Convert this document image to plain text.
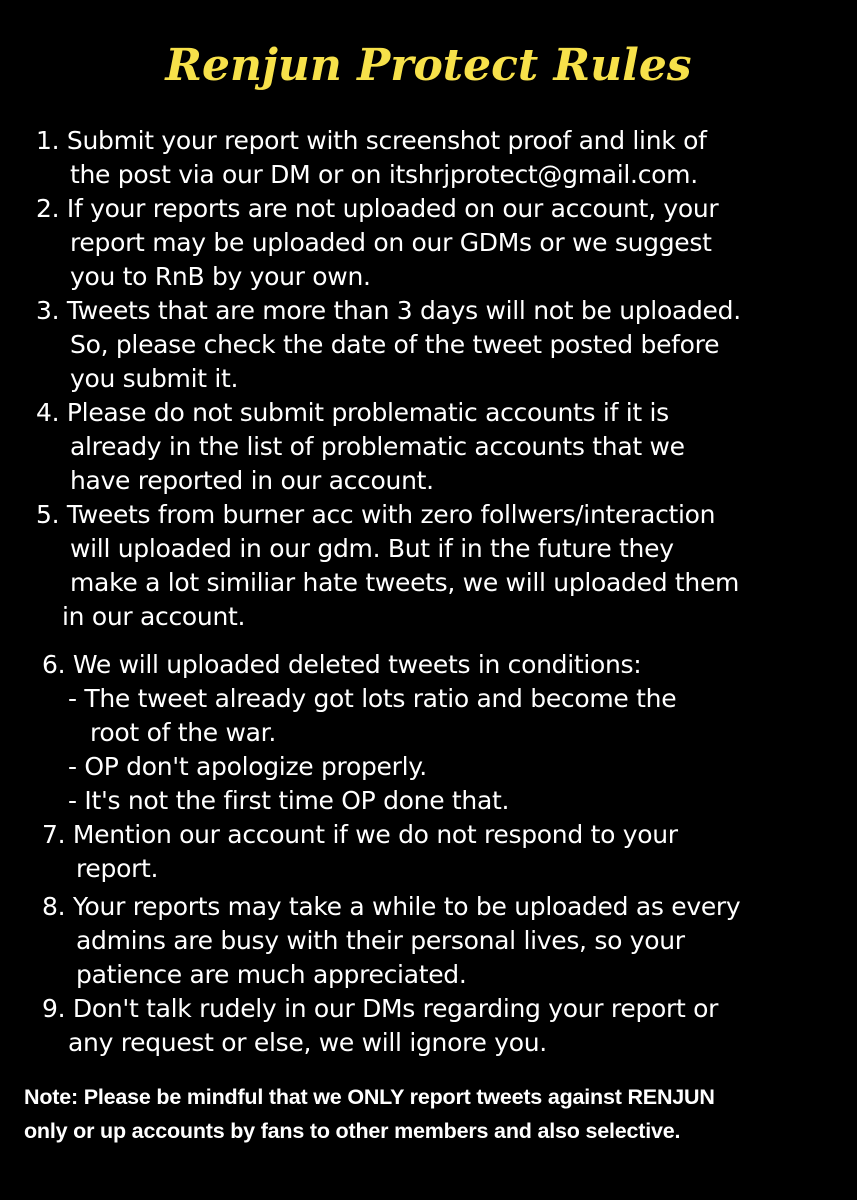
Renjun Protect Rules
1. Submit your report with screenshot proof and link of
the post via our DM or on itshrjprotect@gmail.com.
2. If your reports are not uploaded on our account, your
report may be uploaded on our GDMs or we suggest
you to RnB by your own.
3. Tweets that are more than 3 days will not be uploaded.
So, please check the date of the tweet posted before
you submit it.
4. Please do not submit problematic accounts if it is
already in the list of problematic accounts that we
have reported in our account.
5. Tweets from burner acc with zero follwers/interaction
will uploaded in our gdm. But if in the future they
make a lot similiar hate tweets, we will uploaded them
in our account.
6. We will uploaded deleted tweets in conditions:
- The tweet already got lots ratio and become the
root of the war.
- OP don't apologize properly.
- It's not the first time OP done that.
7. Mention our account if we do not respond to your
report.
8. Your reports may take a while to be uploaded as every
admins are busy with their personal lives, so your
patience are much appreciated.
9. Don't talk rudely in our DMs regarding your report or
any request or else, we will ignore you.
Note: Please be mindful that we ONLY report tweets against RENJUN
only or up accounts by fans to other members and also selective.
